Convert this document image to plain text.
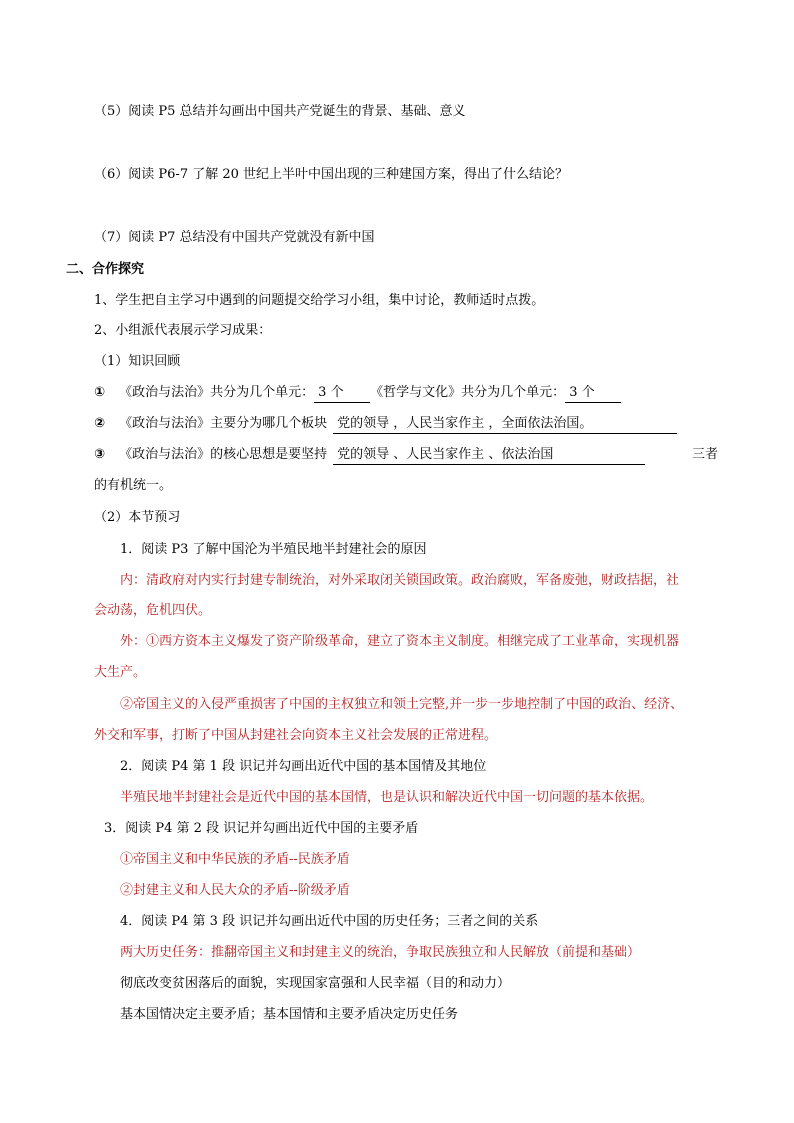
（5）阅读 P5 总结并勾画出中国共产党诞生的背景、基础、意义
（6）阅读 P6-7 了解 20 世纪上半叶中国出现的三种建国方案，得出了什么结论？
（7）阅读 P7 总结没有中国共产党就没有新中国
二、合作探究
1、学生把自主学习中遇到的问题提交给学习小组，集中讨论，教师适时点拨。
2、小组派代表展示学习成果：
（1）知识回顾
① 《政治与法治》共分为几个单元： 3 个 《哲学与文化》共分为几个单元： 3 个
② 《政治与法治》主要分为哪几个板块 党的领导 ，人民当家作主 ，全面依法治国。
③ 《政治与法治》的核心思想是要坚持 党的领导 、人民当家作主 、依法治国	三者
的有机统一。
（2）本节预习
1．阅读 P3 了解中国沦为半殖民地半封建社会的原因
内：清政府对内实行封建专制统治，对外采取闭关锁国政策。政治腐败，军备废弛，财政拮据，社
会动荡，危机四伏。
外：①西方资本主义爆发了资产阶级革命，建立了资本主义制度。相继完成了工业革命，实现机器
大生产。
②帝国主义的入侵严重损害了中国的主权独立和领土完整,并一步一步地控制了中国的政治、经济、
外交和军事，打断了中国从封建社会向资本主义社会发展的正常进程。
2．阅读 P4 第 1 段 识记并勾画出近代中国的基本国情及其地位
半殖民地半封建社会是近代中国的基本国情，也是认识和解决近代中国一切问题的基本依据。
3．阅读 P4 第 2 段 识记并勾画出近代中国的主要矛盾
①帝国主义和中华民族的矛盾--民族矛盾
②封建主义和人民大众的矛盾--阶级矛盾
4．阅读 P4 第 3 段 识记并勾画出近代中国的历史任务；三者之间的关系
两大历史任务：推翻帝国主义和封建主义的统治，争取民族独立和人民解放（前提和基础）
彻底改变贫困落后的面貌，实现国家富强和人民幸福（目的和动力）
基本国情决定主要矛盾；基本国情和主要矛盾决定历史任务
